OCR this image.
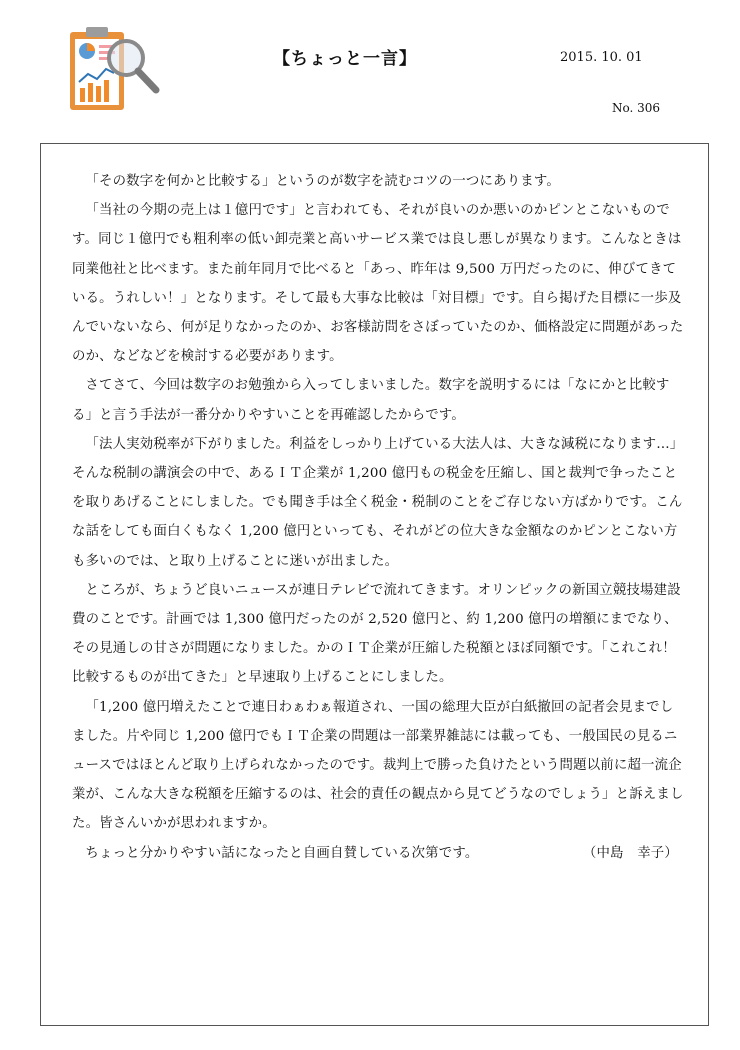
【ちょっと一言】	2015. 10. 01
No. 306

「その数字を何かと比較する」というのが数字を読むコツの一つにあります。

「当社の今期の売上は１億円です」と言われても、それが良いのか悪いのかピンとこないものです。同じ１億円でも粗利率の低い卸売業と高いサービス業では良し悪しが異なります。こんなときは同業他社と比べます。また前年同月で比べると「あっ、昨年は 9,500 万円だったのに、伸びてきている。うれしい！」となります。そして最も大事な比較は「対目標」です。自ら掲げた目標に一歩及んでいないなら、何が足りなかったのか、お客様訪問をさぼっていたのか、価格設定に問題があったのか、などなどを検討する必要があります。

さてさて、今回は数字のお勉強から入ってしまいました。数字を説明するには「なにかと比較する」と言う手法が一番分かりやすいことを再確認したからです。

「法人実効税率が下がりました。利益をしっかり上げている大法人は、大きな減税になります…」そんな税制の講演会の中で、あるＩＴ企業が 1,200 億円もの税金を圧縮し、国と裁判で争ったことを取りあげることにしました。でも聞き手は全く税金・税制のことをご存じない方ばかりです。こんな話をしても面白くもなく 1,200 億円といっても、それがどの位大きな金額なのかピンとこない方も多いのでは、と取り上げることに迷いが出ました。

ところが、ちょうど良いニュースが連日テレビで流れてきます。オリンピックの新国立競技場建設費のことです。計画では 1,300 億円だったのが 2,520 億円と、約 1,200 億円の増額にまでなり、その見通しの甘さが問題になりました。かのＩＴ企業が圧縮した税額とほぼ同額です。「これこれ！比較するものが出てきた」と早速取り上げることにしました。

「1,200 億円増えたことで連日わぁわぁ報道され、一国の総理大臣が白紙撤回の記者会見までしました。片や同じ 1,200 億円でもＩＴ企業の問題は一部業界雑誌には載っても、一般国民の見るニュースではほとんど取り上げられなかったのです。裁判上で勝った負けたという問題以前に超一流企業が、こんな大きな税額を圧縮するのは、社会的責任の観点から見てどうなのでしょう」と訴えました。皆さんいかが思われますか。

ちょっと分かりやすい話になったと自画自賛している次第です。	（中島　幸子）
